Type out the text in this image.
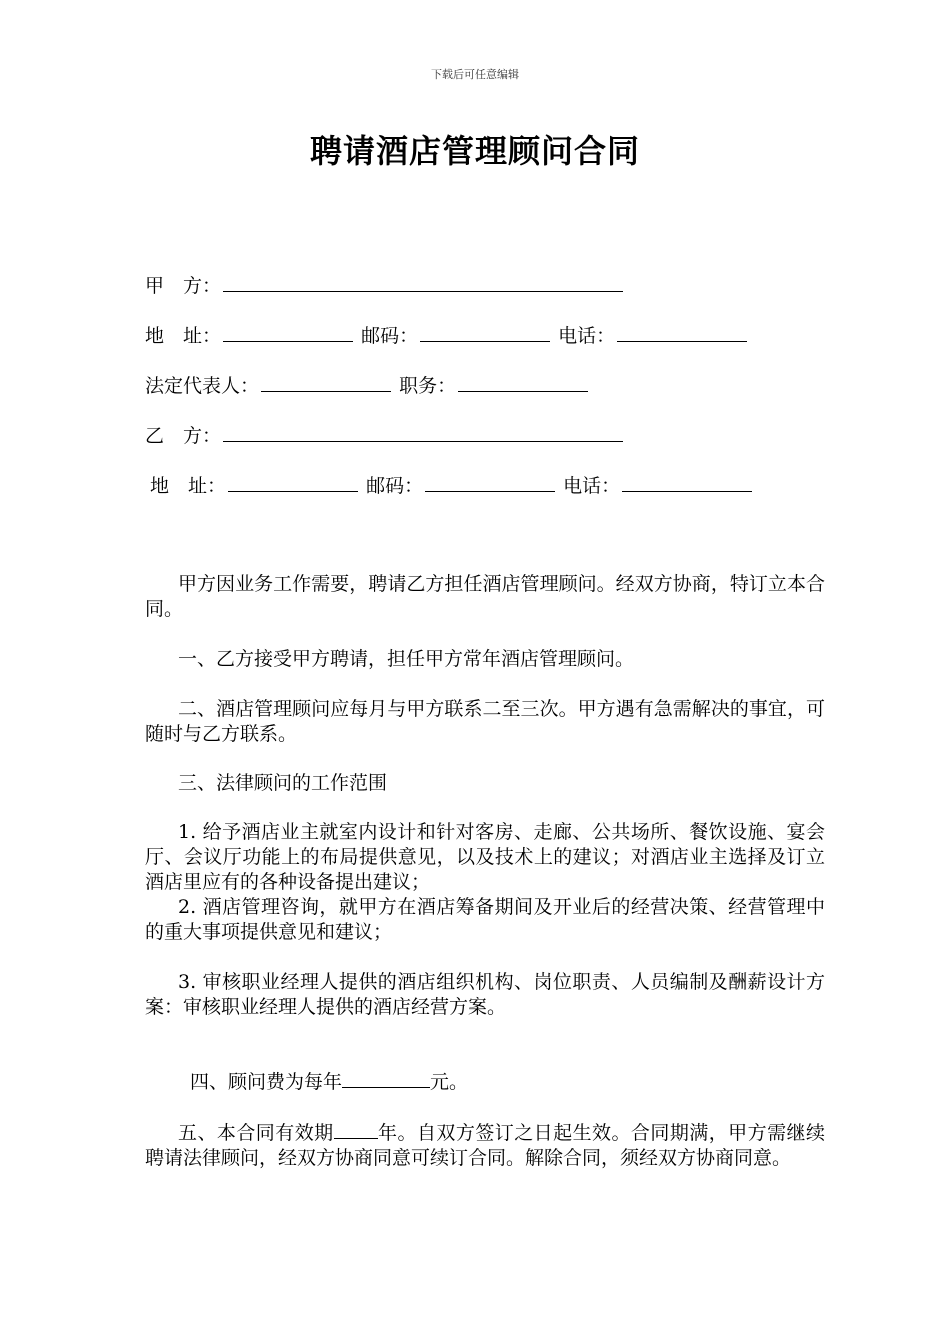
下载后可任意编辑
聘请酒店管理顾问合同
甲　方：
地　址：	邮码：	电话：
法定代表人：	职务：
乙　方：
地　址：	邮码：	电话：
甲方因业务工作需要，聘请乙方担任酒店管理顾问。经双方协商，特订立本合同。
一、乙方接受甲方聘请，担任甲方常年酒店管理顾问。
二、酒店管理顾问应每月与甲方联系二至三次。甲方遇有急需解决的事宜，可随时与乙方联系。
三、法律顾问的工作范围
1. 给予酒店业主就室内设计和针对客房、走廊、公共场所、餐饮设施、宴会厅、会议厅功能上的布局提供意见，以及技术上的建议；对酒店业主选择及订立酒店里应有的各种设备提出建议；
2. 酒店管理咨询，就甲方在酒店筹备期间及开业后的经营决策、经营管理中的重大事项提供意见和建议；
3. 审核职业经理人提供的酒店组织机构、岗位职责、人员编制及酬薪设计方案：审核职业经理人提供的酒店经营方案。
四、顾问费为每年	元。
五、本合同有效期 年。自双方签订之日起生效。合同期满，甲方需继续聘请法律顾问，经双方协商同意可续订合同。解除合同，须经双方协商同意。
